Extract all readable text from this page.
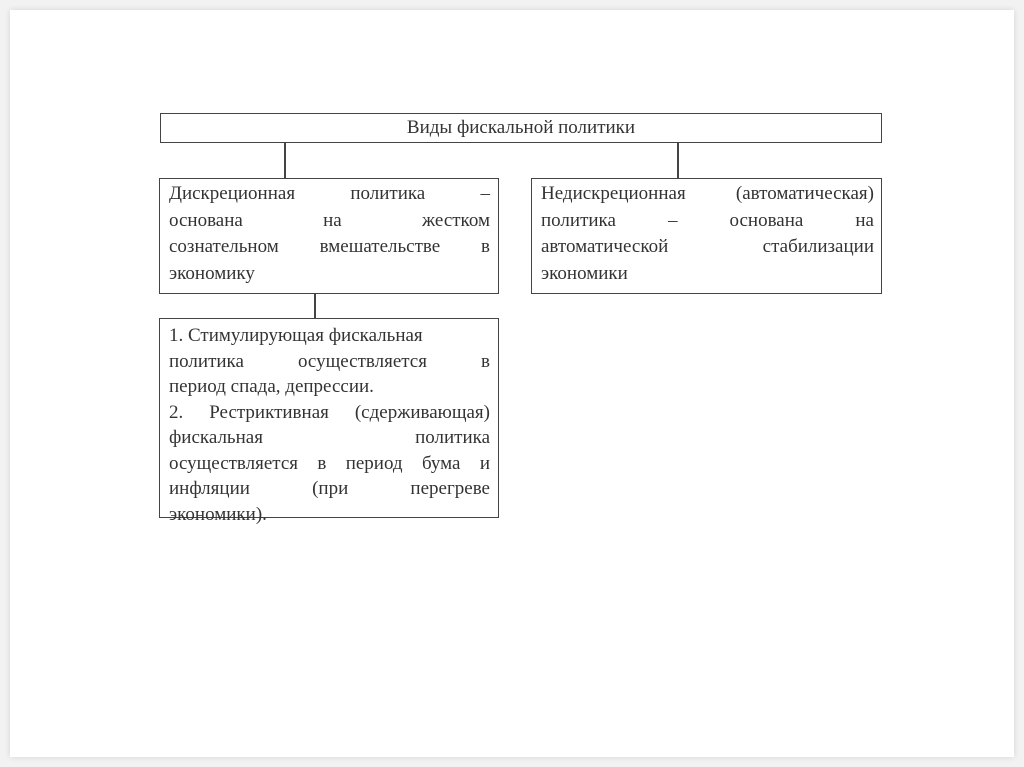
Виды фискальной политики
Дискреционная политика –
основана на жестком
сознательном вмешательстве в
экономику
Недискреционная (автоматическая)
политика – основана на
автоматической стабилизации
экономики
1. Стимулирующая фискальная
политика осуществляется в
период спада, депрессии.
2. Рестриктивная (сдерживающая)
фискальная политика
осуществляется в период бума и
инфляции (при перегреве
экономики).
